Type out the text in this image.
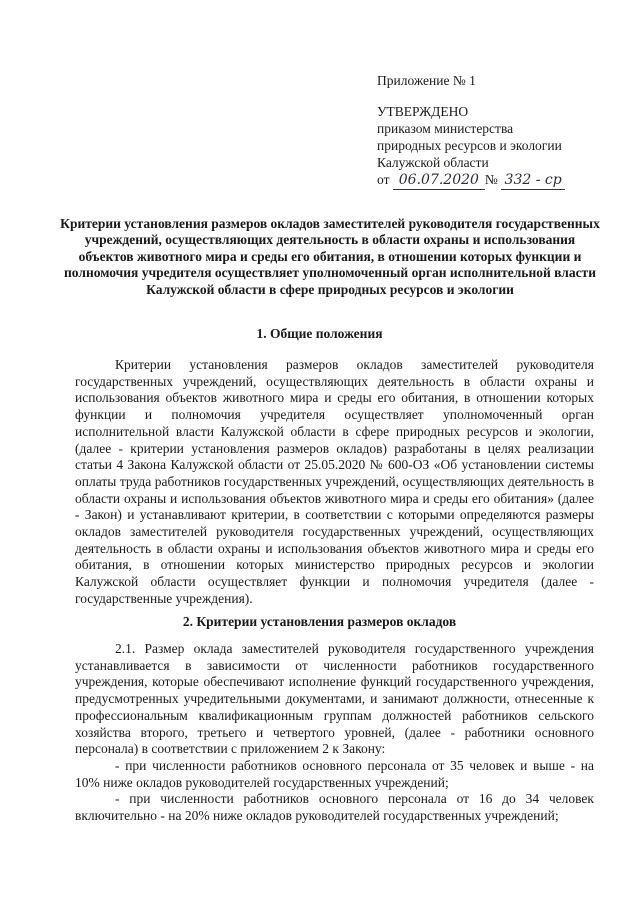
Приложение № 1
УТВЕРЖДЕНО
приказом министерства
природных ресурсов и экологии
Калужской области
от 06.07.2020 № 332 - ср
Критерии установления размеров окладов заместителей руководителя государственных учреждений, осуществляющих деятельность в области охраны и использования объектов животного мира и среды его обитания, в отношении которых функции и полномочия учредителя осуществляет уполномоченный орган исполнительной власти Калужской области в сфере природных ресурсов и экологии
1. Общие положения
Критерии установления размеров окладов заместителей руководителя государственных учреждений, осуществляющих деятельность в области охраны и использования объектов животного мира и среды его обитания, в отношении которых функции и полномочия учредителя осуществляет уполномоченный орган исполнительной власти Калужской области в сфере природных ресурсов и экологии, (далее - критерии установления размеров окладов) разработаны в целях реализации статьи 4 Закона Калужской области от 25.05.2020 № 600-ОЗ «Об установлении системы оплаты труда работников государственных учреждений, осуществляющих деятельность в области охраны и использования объектов животного мира и среды его обитания» (далее - Закон) и устанавливают критерии, в соответствии с которыми определяются размеры окладов заместителей руководителя государственных учреждений, осуществляющих деятельность в области охраны и использования объектов животного мира и среды его обитания, в отношении которых министерство природных ресурсов и экологии Калужской области осуществляет функции и полномочия учредителя (далее - государственные учреждения).
2. Критерии установления размеров окладов
2.1. Размер оклада заместителей руководителя государственного учреждения устанавливается в зависимости от численности работников государственного учреждения, которые обеспечивают исполнение функций государственного учреждения, предусмотренных учредительными документами, и занимают должности, отнесенные к профессиональным квалификационным группам должностей работников сельского хозяйства второго, третьего и четвертого уровней, (далее - работники основного персонала) в соответствии с приложением 2 к Закону:
- при численности работников основного персонала от 35 человек и выше - на 10% ниже окладов руководителей государственных учреждений;
- при численности работников основного персонала от 16 до 34 человек включительно - на 20% ниже окладов руководителей государственных учреждений;
